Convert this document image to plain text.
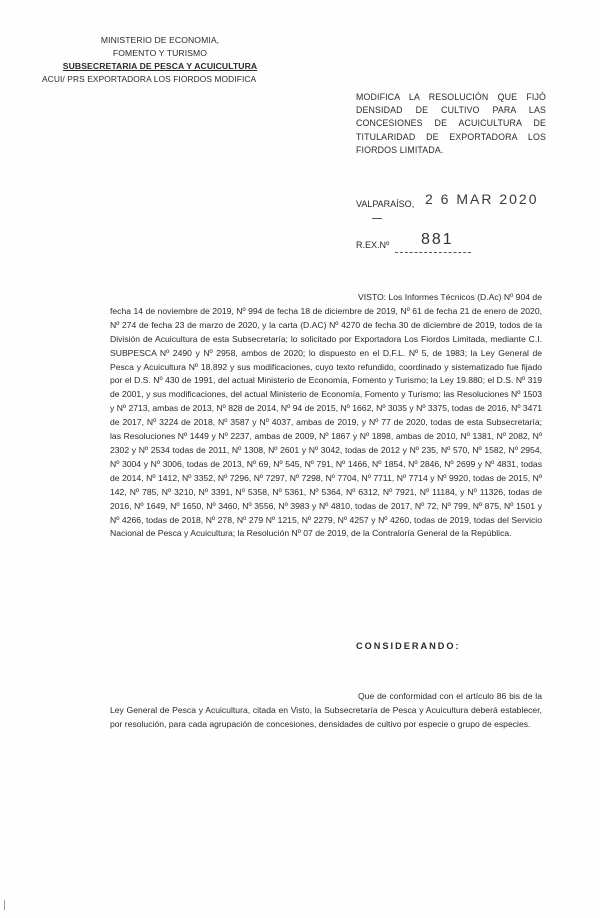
MINISTERIO DE ECONOMIA,
FOMENTO Y TURISMO
SUBSECRETARIA DE PESCA Y ACUICULTURA
ACUI/ PRS EXPORTADORA LOS FIORDOS MODIFICA
MODIFICA LA RESOLUCIÓN QUE FIJÓ DENSIDAD DE CULTIVO PARA LAS CONCESIONES DE ACUICULTURA DE TITULARIDAD DE EXPORTADORA LOS FIORDOS LIMITADA.
VALPARAÍSO, 2 6 MAR 2020
R.EX.Nº 881
VISTO: Los Informes Técnicos (D.Ac) Nº 904 de fecha 14 de noviembre de 2019, Nº 994 de fecha 18 de diciembre de 2019, Nº 61 de fecha 21 de enero de 2020, Nº 274 de fecha 23 de marzo de 2020, y la carta (D.AC) Nº 4270 de fecha 30 de diciembre de 2019, todos de la División de Acuicultura de esta Subsecretaría; lo solicitado por Exportadora Los Fiordos Limitada, mediante C.I. SUBPESCA Nº 2490 y Nº 2958, ambos de 2020; lo dispuesto en el D.F.L. Nº 5, de 1983; la Ley General de Pesca y Acuicultura Nº 18.892 y sus modificaciones, cuyo texto refundido, coordinado y sistematizado fue fijado por el D.S. Nº 430 de 1991, del actual Ministerio de Economía, Fomento y Turismo; la Ley 19.880; el D.S. Nº 319 de 2001, y sus modificaciones, del actual Ministerio de Economía, Fomento y Turismo; las Resoluciones Nº 1503 y Nº 2713, ambas de 2013, Nº 828 de 2014, Nº 94 de 2015, Nº 1662, Nº 3035 y Nº 3375, todas de 2016, Nº 3471 de 2017, Nº 3224 de 2018, Nº 3587 y Nº 4037, ambas de 2019, y Nº 77 de 2020, todas de esta Subsecretaría; las Resoluciones Nº 1449 y Nº 2237, ambas de 2009, Nº 1867 y Nº 1898, ambas de 2010, Nº 1381, Nº 2082, Nº 2302 y Nº 2534 todas de 2011, Nº 1308, Nº 2601 y Nº 3042, todas de 2012 y Nº 235, Nº 570, Nº 1582, Nº 2954, Nº 3004 y Nº 3006, todas de 2013, Nº 69, Nº 545, Nº 791, Nº 1466, Nº 1854, Nº 2846, Nº 2699 y Nº 4831, todas de 2014, Nº 1412, Nº 3352, Nº 7296, Nº 7297, Nº 7298, Nº 7704, Nº 7711, Nº 7714 y Nº 9920, todas de 2015, Nº 142, Nº 785, Nº 3210, Nº 3391, Nº 5358, Nº 5361, Nº 5364, Nº 6312, Nº 7921, Nº 11184, y Nº 11326, todas de 2016, Nº 1649, Nº 1650, Nº 3460, Nº 3556, Nº 3983 y Nº 4810, todas de 2017, Nº 72, Nº 799, Nº 875, Nº 1501 y Nº 4266, todas de 2018, Nº 278, Nº 279 Nº 1215, Nº 2279, Nº 4257 y Nº 4260, todas de 2019, todas del Servicio Nacional de Pesca y Acuicultura; la Resolución Nº 07 de 2019, de la Contraloría General de la República.
CONSIDERANDO:
Que de conformidad con el artículo 86 bis de la Ley General de Pesca y Acuicultura, citada en Visto, la Subsecretaría de Pesca y Acuicultura deberá establecer, por resolución, para cada agrupación de concesiones, densidades de cultivo por especie o grupo de especies.
